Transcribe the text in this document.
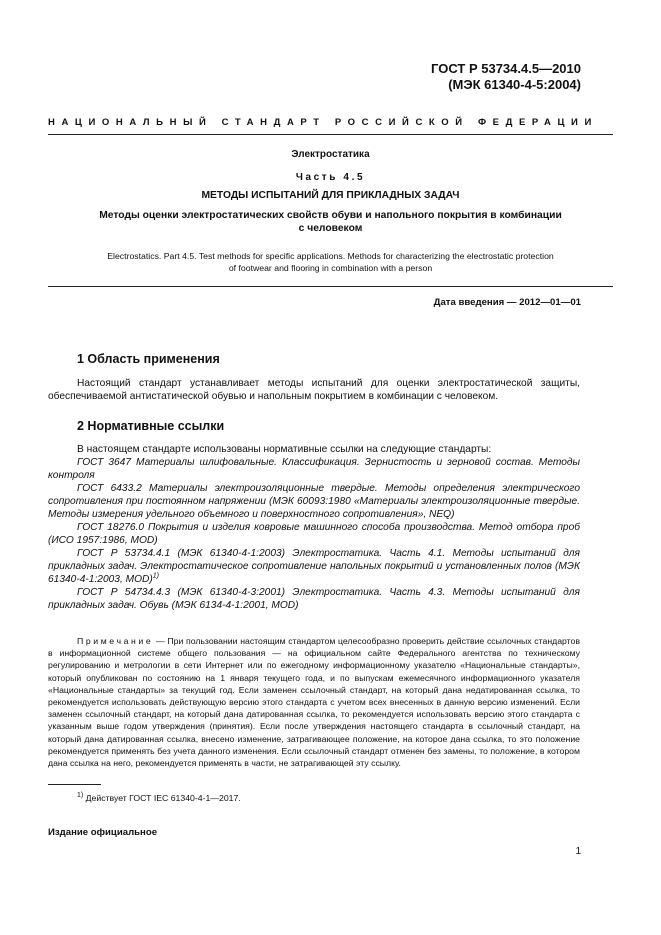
ГОСТ Р 53734.4.5—2010
(МЭК 61340-4-5:2004)
НАЦИОНАЛЬНЫЙ СТАНДАРТ РОССИЙСКОЙ ФЕДЕРАЦИИ
Электростатика
Часть 4.5
МЕТОДЫ ИСПЫТАНИЙ ДЛЯ ПРИКЛАДНЫХ ЗАДАЧ
Методы оценки электростатических свойств обуви и напольного покрытия в комбинации
с человеком
Electrostatics. Part 4.5. Test methods for specific applications. Methods for characterizing the electrostatic protection
of footwear and flooring in combination with a person
Дата введения — 2012—01—01
1 Область применения

Настоящий стандарт устанавливает методы испытаний для оценки электростатической защиты, обеспечиваемой антистатической обувью и напольным покрытием в комбинации с человеком.

2 Нормативные ссылки

В настоящем стандарте использованы нормативные ссылки на следующие стандарты:

ГОСТ 3647 Материалы шлифовальные. Классификация. Зернистость и зерновой состав. Методы контроля

ГОСТ 6433.2 Материалы электроизоляционные твердые. Методы определения электрического сопротивления при постоянном напряжении (МЭК 60093:1980 «Материалы электроизоляционные твердые. Методы измерения удельного объемного и поверхностного сопротивления», NEQ)

ГОСТ 18276.0 Покрытия и изделия ковровые машинного способа производства. Метод отбора проб (ИСО 1957:1986, MOD)

ГОСТ Р 53734.4.1 (МЭК 61340-4-1:2003) Электростатика. Часть 4.1. Методы испытаний для прикладных задач. Электростатическое сопротивление напольных покрытий и установленных полов (МЭК 61340-4-1:2003, MOD)$^{1)}$

ГОСТ Р 54734.4.3 (МЭК 61340-4-3:2001) Электростатика. Часть 4.3. Методы испытаний для прикладных задач. Обувь (МЭК 6134-4-1:2001, MOD)

Примечание — При пользовании настоящим стандартом целесообразно проверить действие ссылочных стандартов в информационной системе общего пользования — на официальном сайте Федерального агентства по техническому регулированию и метрологии в сети Интернет или по ежегодному информационному указателю «Национальные стандарты», который опубликован по состоянию на 1 января текущего года, и по выпускам ежемесячного информационного указателя «Национальные стандарты» за текущий год. Если заменен ссылочный стандарт, на который дана недатированная ссылка, то рекомендуется использовать действующую версию этого стандарта с учетом всех внесенных в данную версию изменений. Если заменен ссылочный стандарт, на который дана датированная ссылка, то рекомендуется использовать версию этого стандарта с указанным выше годом утверждения (принятия). Если после утверждения настоящего стандарта в ссылочный стандарт, на который дана датированная ссылка, внесено изменение, затрагивающее положение, на которое дана ссылка, то это положение рекомендуется применять без учета данного изменения. Если ссылочный стандарт отменен без замены, то положение, в котором дана ссылка на него, рекомендуется применять в части, не затрагивающей эту ссылку.
$^{1)}$ Действует ГОСТ IEC 61340-4-1—2017.
Издание официальное
1
